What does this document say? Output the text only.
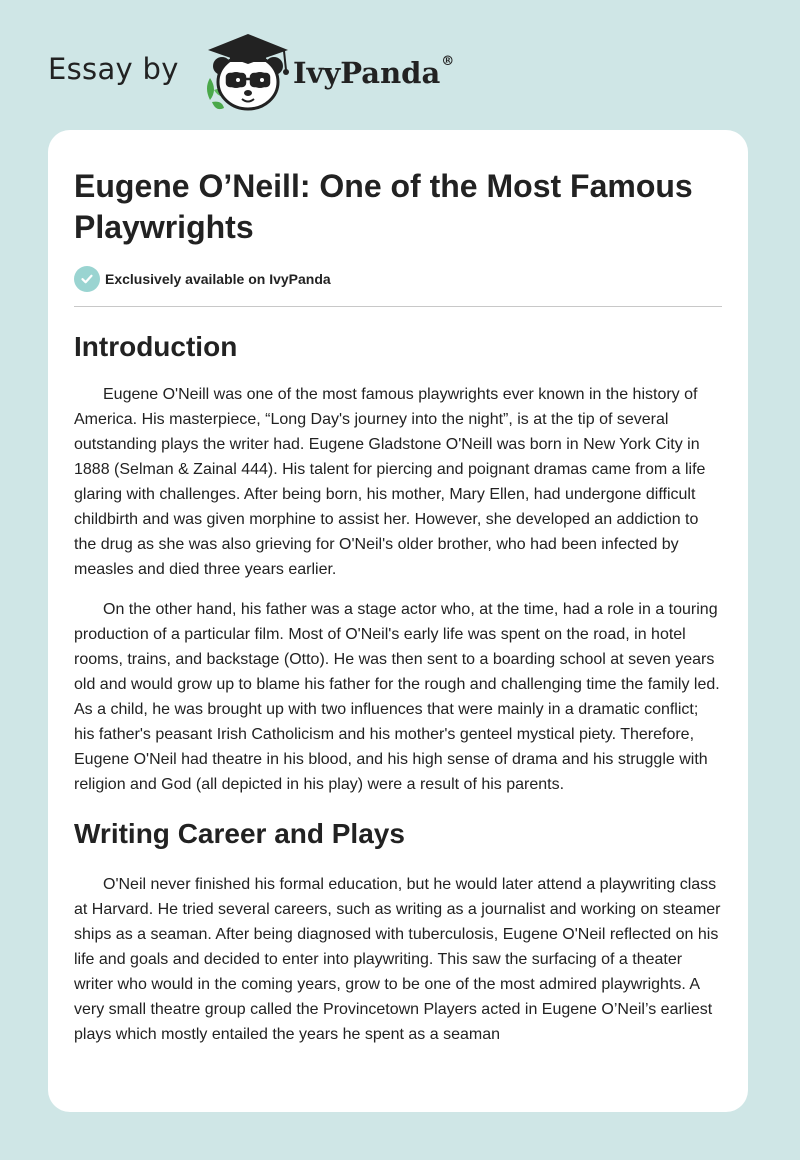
Essay by	IvyPanda®
Eugene O’Neill: One of the Most Famous Playwrights
Exclusively available on IvyPanda
Introduction

Eugene O'Neill was one of the most famous playwrights ever known in the history of America. His masterpiece, “Long Day's journey into the night”, is at the tip of several outstanding plays the writer had. Eugene Gladstone O'Neill was born in New York City in 1888 (Selman & Zainal 444). His talent for piercing and poignant dramas came from a life glaring with challenges. After being born, his mother, Mary Ellen, had undergone difficult childbirth and was given morphine to assist her. However, she developed an addiction to the drug as she was also grieving for O'Neil's older brother, who had been infected by measles and died three years earlier.

On the other hand, his father was a stage actor who, at the time, had a role in a touring production of a particular film. Most of O'Neil's early life was spent on the road, in hotel rooms, trains, and backstage (Otto). He was then sent to a boarding school at seven years old and would grow up to blame his father for the rough and challenging time the family led. As a child, he was brought up with two influences that were mainly in a dramatic conflict; his father's peasant Irish Catholicism and his mother's genteel mystical piety. Therefore, Eugene O'Neil had theatre in his blood, and his high sense of drama and his struggle with religion and God (all depicted in his play) were a result of his parents.

Writing Career and Plays

O'Neil never finished his formal education, but he would later attend a playwriting class at Harvard. He tried several careers, such as writing as a journalist and working on steamer ships as a seaman. After being diagnosed with tuberculosis, Eugene O'Neil reflected on his life and goals and decided to enter into playwriting. This saw the surfacing of a theater writer who would in the coming years, grow to be one of the most admired playwrights. A very small theatre group called the Provincetown Players acted in Eugene O’Neil’s earliest plays which mostly entailed the years he spent as a seaman
